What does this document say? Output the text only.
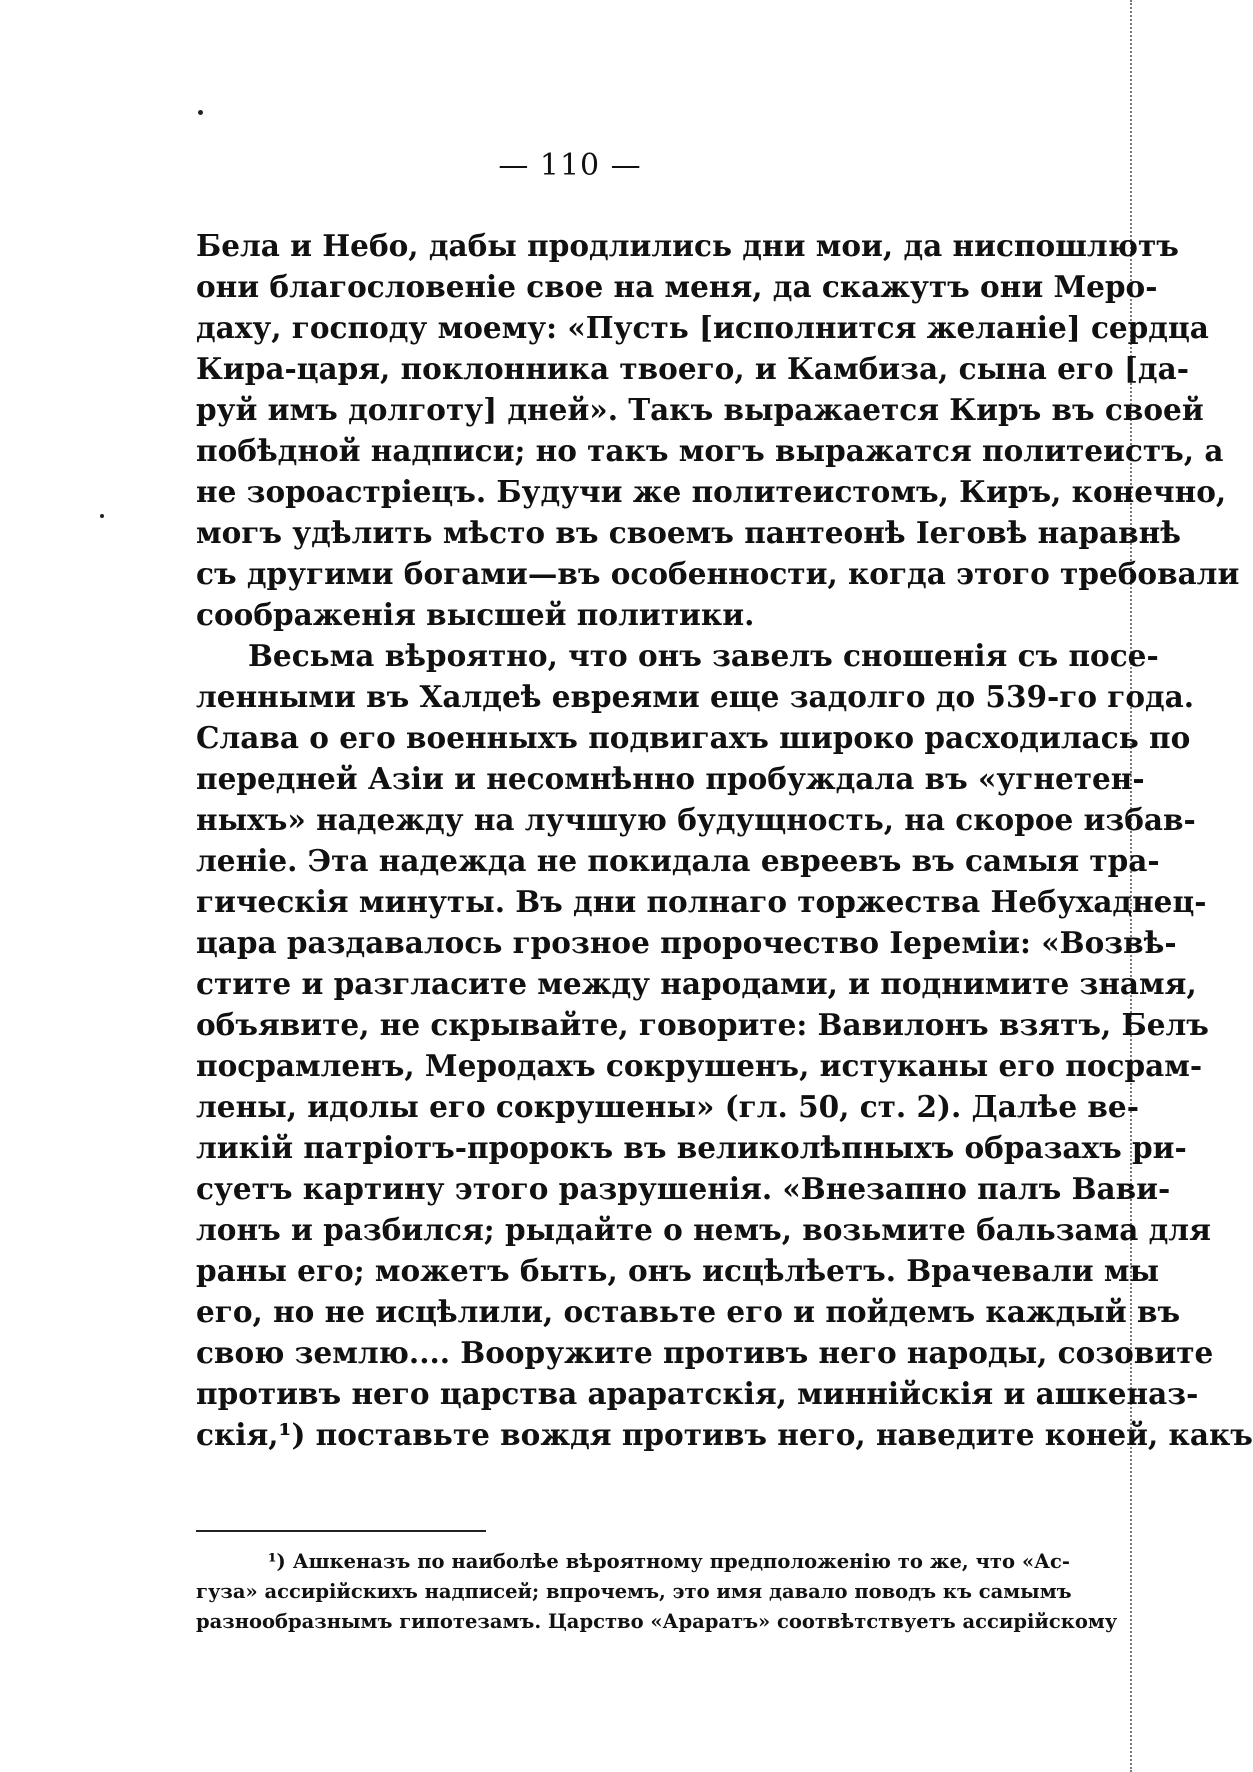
— 110 —
Бела и Небо, дабы продлились дни мои, да ниспошлютъ
они благословеніе свое на меня, да скажутъ они Меро-
даху, господу моему: «Пусть [исполнится желаніе] сердца
Кира-царя, поклонника твоего, и Камбиза, сына его [да-
руй имъ долготу] дней». Такъ выражается Киръ въ своей
побѣдной надписи; но такъ могъ выражатся политеистъ, а
не зороастріецъ. Будучи же политеистомъ, Киръ, конечно,
могъ удѣлить мѣсто въ своемъ пантеонѣ Іеговѣ наравнѣ
съ другими богами—въ особенности, когда этого требовали
соображенія высшей политики.
Весьма вѣроятно, что онъ завелъ сношенія съ посе-
ленными въ Халдеѣ евреями еще задолго до 539-го года.
Слава о его военныхъ подвигахъ широко расходилась по
передней Азіи и несомнѣнно пробуждала въ «угнетен-
ныхъ» надежду на лучшую будущность, на скорое избав-
леніе. Эта надежда не покидала евреевъ въ самыя тра-
гическія минуты. Въ дни полнаго торжества Небухаднец-
цара раздавалось грозное пророчество Іереміи: «Возвѣ-
стите и разгласите между народами, и поднимите знамя,
объявите, не скрывайте, говорите: Вавилонъ взятъ, Белъ
посрамленъ, Меродахъ сокрушенъ, истуканы его посрам-
лены, идолы его сокрушены» (гл. 50, ст. 2). Далѣе ве-
ликій патріотъ-пророкъ въ великолѣпныхъ образахъ ри-
суетъ картину этого разрушенія. «Внезапно палъ Вави-
лонъ и разбился; рыдайте о немъ, возьмите бальзама для
раны его; можетъ быть, онъ исцѣлѣетъ. Врачевали мы
его, но не исцѣлили, оставьте его и пойдемъ каждый въ
свою землю.... Вооружите противъ него народы, созовите
противъ него царства араратскія, миннійскія и ашкеназ-
скія,¹) поставьте вождя противъ него, наведите коней, какъ
¹) Ашкеназъ по наиболѣе вѣроятному предположенію то же, что «Ас-
гуза» ассирійскихъ надписей; впрочемъ, это имя давало поводъ къ самымъ
разнообразнымъ гипотезамъ. Царство «Араратъ» соотвѣтствуетъ ассирійскому
